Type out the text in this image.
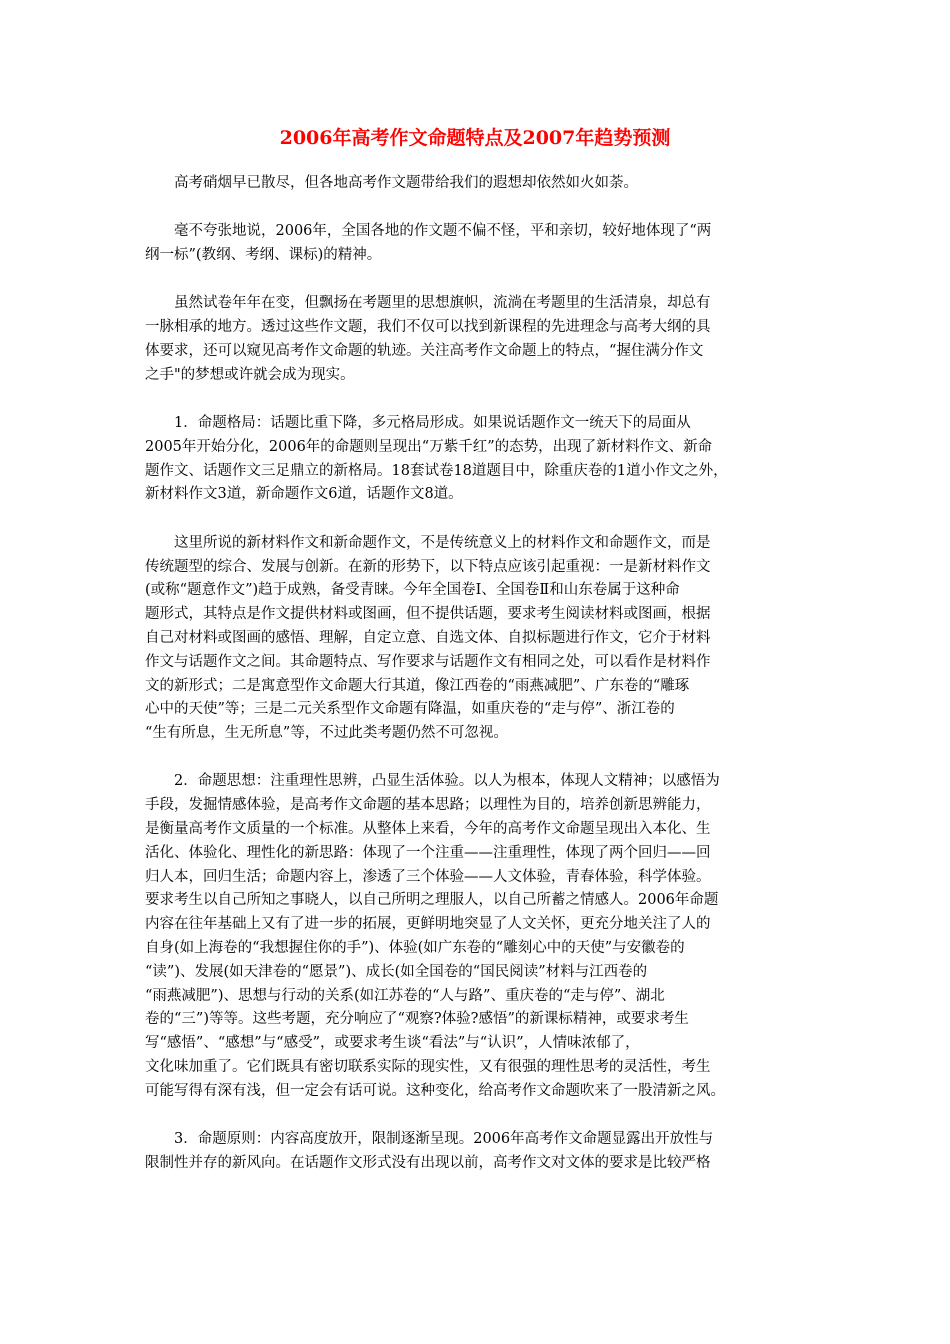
2006年高考作文命题特点及2007年趋势预测

　　高考硝烟早已散尽，但各地高考作文题带给我们的遐想却依然如火如荼。

　　毫不夸张地说，2006年，全国各地的作文题不偏不怪，平和亲切，较好地体现了“两
纲一标”(教纲、考纲、课标)的精神。

　　虽然试卷年年在变，但飘扬在考题里的思想旗帜，流淌在考题里的生活清泉，却总有
一脉相承的地方。透过这些作文题，我们不仅可以找到新课程的先进理念与高考大纲的具
体要求，还可以窥见高考作文命题的轨迹。关注高考作文命题上的特点，“握住满分作文
之手"的梦想或许就会成为现实。

　　1．命题格局：话题比重下降，多元格局形成。如果说话题作文一统天下的局面从
2005年开始分化，2006年的命题则呈现出“万紫千红”的态势，出现了新材料作文、新命
题作文、话题作文三足鼎立的新格局。18套试卷18道题目中，除重庆卷的1道小作文之外，
新材料作文3道，新命题作文6道，话题作文8道。

　　这里所说的新材料作文和新命题作文，不是传统意义上的材料作文和命题作文，而是
传统题型的综合、发展与创新。在新的形势下，以下特点应该引起重视：一是新材料作文
(或称“题意作文”)趋于成熟，备受青睐。今年全国卷Ⅰ、全国卷Ⅱ和山东卷属于这种命
题形式，其特点是作文提供材料或图画，但不提供话题，要求考生阅读材料或图画，根据
自己对材料或图画的感悟、理解，自定立意、自选文体、自拟标题进行作文，它介于材料
作文与话题作文之间。其命题特点、写作要求与话题作文有相同之处，可以看作是材料作
文的新形式；二是寓意型作文命题大行其道，像江西卷的“雨燕减肥”、广东卷的“雕琢
心中的天使”等；三是二元关系型作文命题有降温，如重庆卷的“走与停”、浙江卷的
“生有所息，生无所息”等，不过此类考题仍然不可忽视。

　　2．命题思想：注重理性思辨，凸显生活体验。以人为根本，体现人文精神；以感悟为
手段，发掘情感体验，是高考作文命题的基本思路；以理性为目的，培养创新思辨能力，
是衡量高考作文质量的一个标准。从整体上来看，今年的高考作文命题呈现出入本化、生
活化、体验化、理性化的新思路：体现了一个注重——注重理性，体现了两个回归——回
归人本，回归生活；命题内容上，渗透了三个体验——人文体验，青春体验，科学体验。
要求考生以自己所知之事晓人，以自己所明之理服人，以自己所蓄之情感人。2006年命题
内容在往年基础上又有了进一步的拓展，更鲜明地突显了人文关怀，更充分地关注了人的
自身(如上海卷的“我想握住你的手”)、体验(如广东卷的“雕刻心中的天使”与安徽卷的
“读”)、发展(如天津卷的“愿景”)、成长(如全国卷的“国民阅读”材料与江西卷的
“雨燕减肥”)、思想与行动的关系(如江苏卷的“人与路”、重庆卷的“走与停”、湖北
卷的“三”)等等。这些考题，充分响应了“观察?体验?感悟”的新课标精神，或要求考生
写“感悟”、“感想”与“感受”，或要求考生谈“看法”与“认识”，人情味浓郁了，
文化味加重了。它们既具有密切联系实际的现实性，又有很强的理性思考的灵活性，考生
可能写得有深有浅，但一定会有话可说。这种变化，给高考作文命题吹来了一股清新之风。

　　3．命题原则：内容高度放开，限制逐渐呈现。2006年高考作文命题显露出开放性与
限制性并存的新风向。在话题作文形式没有出现以前，高考作文对文体的要求是比较严格
